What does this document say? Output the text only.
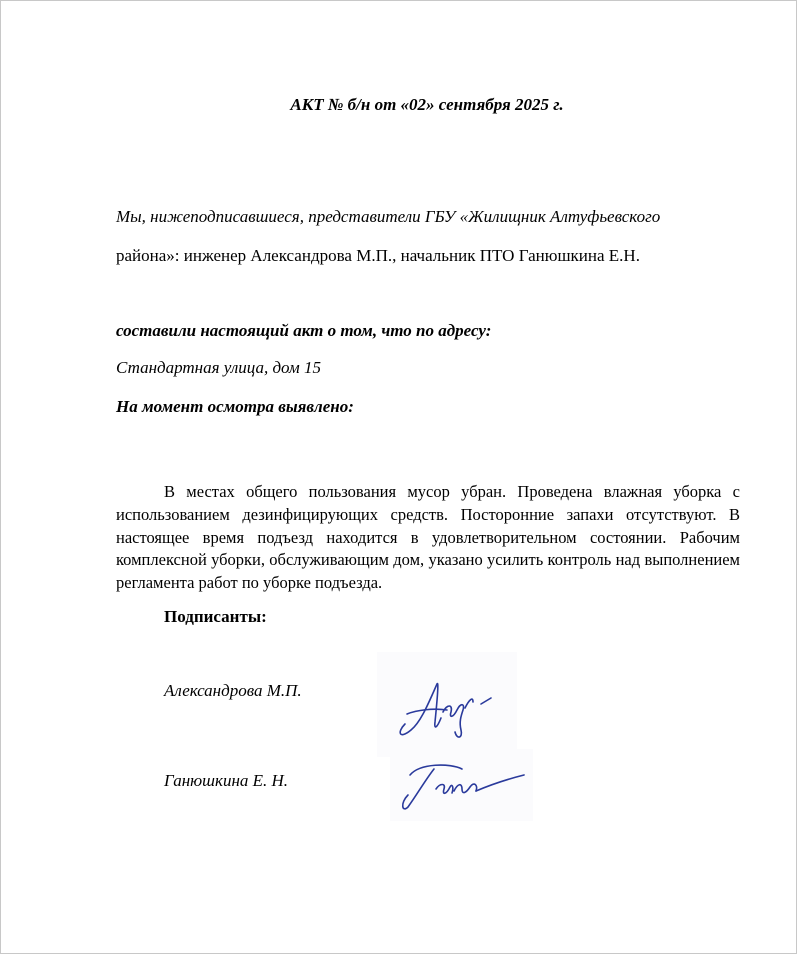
АКТ № б/н от «02» сентября 2025 г.
Мы, нижеподписавшиеся, представители ГБУ «Жилищник Алтуфьевского
района»: инженер Александрова М.П., начальник ПТО Ганюшкина Е.Н.
составили настоящий акт о том, что по адресу:
Стандартная улица, дом 15
На момент осмотра выявлено:
В местах общего пользования мусор убран. Проведена влажная уборка с использованием дезинфицирующих средств. Посторонние запахи отсутствуют. В настоящее время подъезд находится в удовлетворительном состоянии. Рабочим комплексной уборки, обслуживающим дом, указано усилить контроль над выполнением регламента работ по уборке подъезда.
Подписанты:
Александрова М.П.
Ганюшкина Е. Н.
